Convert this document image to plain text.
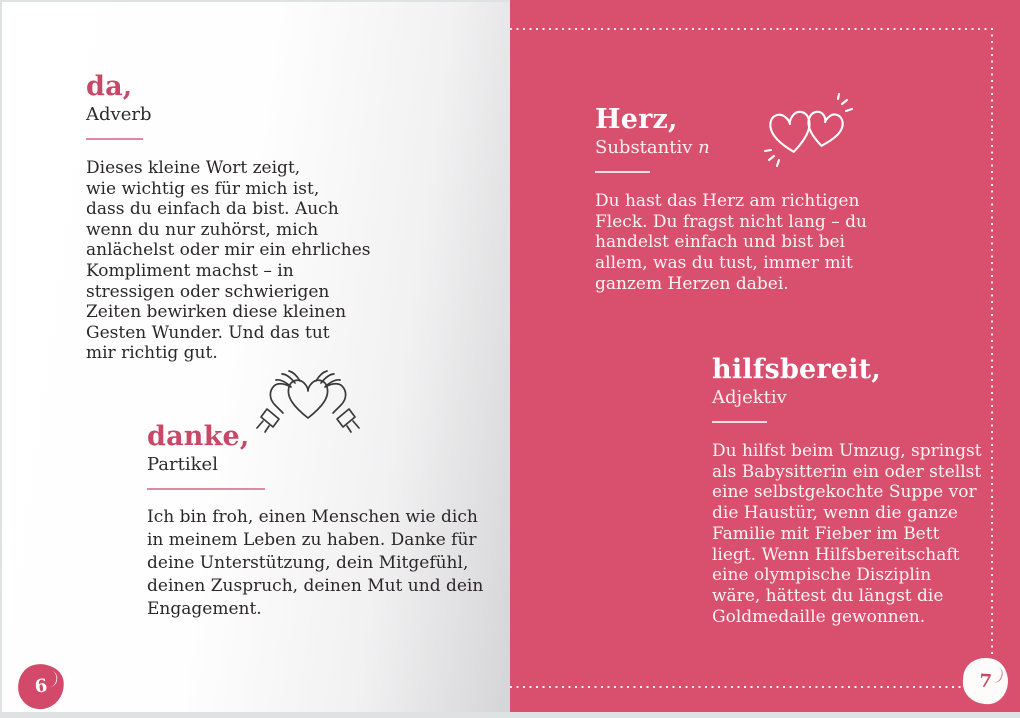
da,
Adverb
Dieses kleine Wort zeigt,
wie wichtig es für mich ist,
dass du einfach da bist. Auch
wenn du nur zuhörst, mich
anlächelst oder mir ein ehrliches
Kompliment machst – in
stressigen oder schwierigen
Zeiten bewirken diese kleinen
Gesten Wunder. Und das tut
mir richtig gut.
danke,
Partikel
Ich bin froh, einen Menschen wie dich
in meinem Leben zu haben. Danke für
deine Unterstützung, dein Mitgefühl,
deinen Zuspruch, deinen Mut und dein
Engagement.
6
Herz,
Substantiv n
Du hast das Herz am richtigen
Fleck. Du fragst nicht lang – du
handelst einfach und bist bei
allem, was du tust, immer mit
ganzem Herzen dabei.
hilfsbereit,
Adjektiv
Du hilfst beim Umzug, springst
als Babysitterin ein oder stellst
eine selbstgekochte Suppe vor
die Haustür, wenn die ganze
Familie mit Fieber im Bett
liegt. Wenn Hilfsbereitschaft
eine olympische Disziplin
wäre, hättest du längst die
Goldmedaille gewonnen.
7
